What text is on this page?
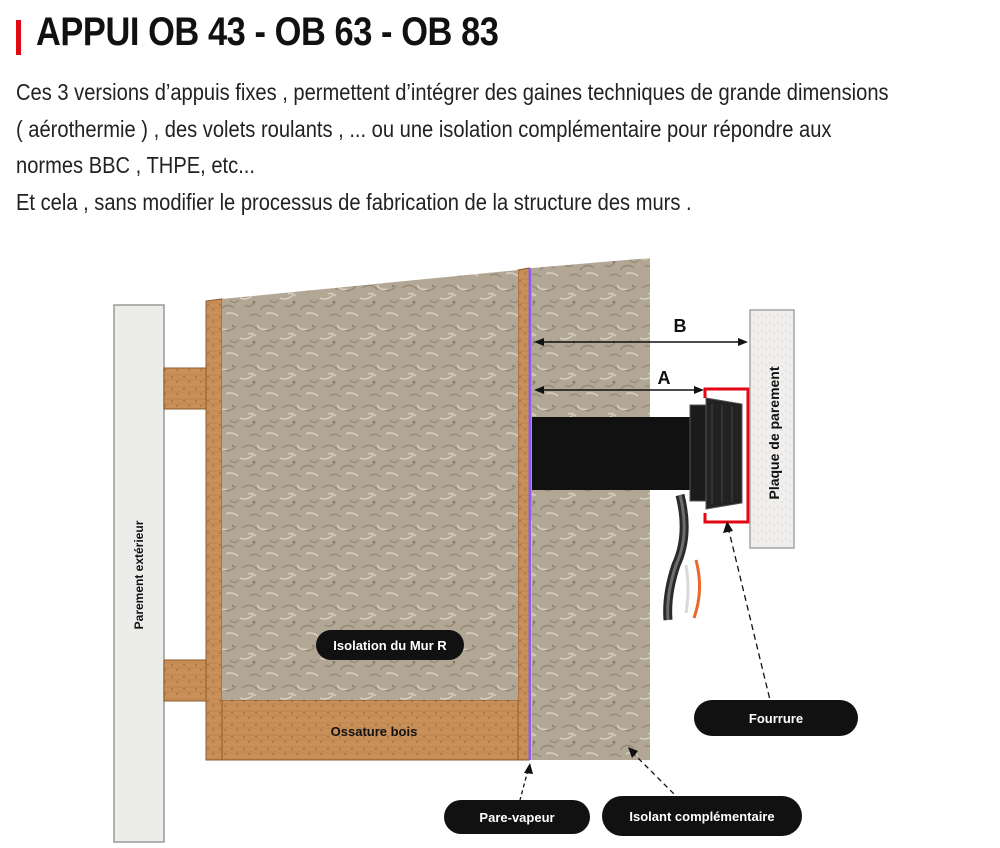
APPUI OB 43 - OB 63 - OB 83

Ces 3 versions d’appuis fixes , permettent d’intégrer des gaines techniques de grande dimensions

( aérothermie ) , des volets roulants , ... ou une isolation complémentaire pour répondre aux

normes BBC , THPE, etc...

Et cela , sans modifier le processus de fabrication de la structure des murs .

Parement extérieur
Ossature bois
Plaque de parement
B
A
Isolation du Mur R
Fourrure
Pare-vapeur	Isolant complémentaire
